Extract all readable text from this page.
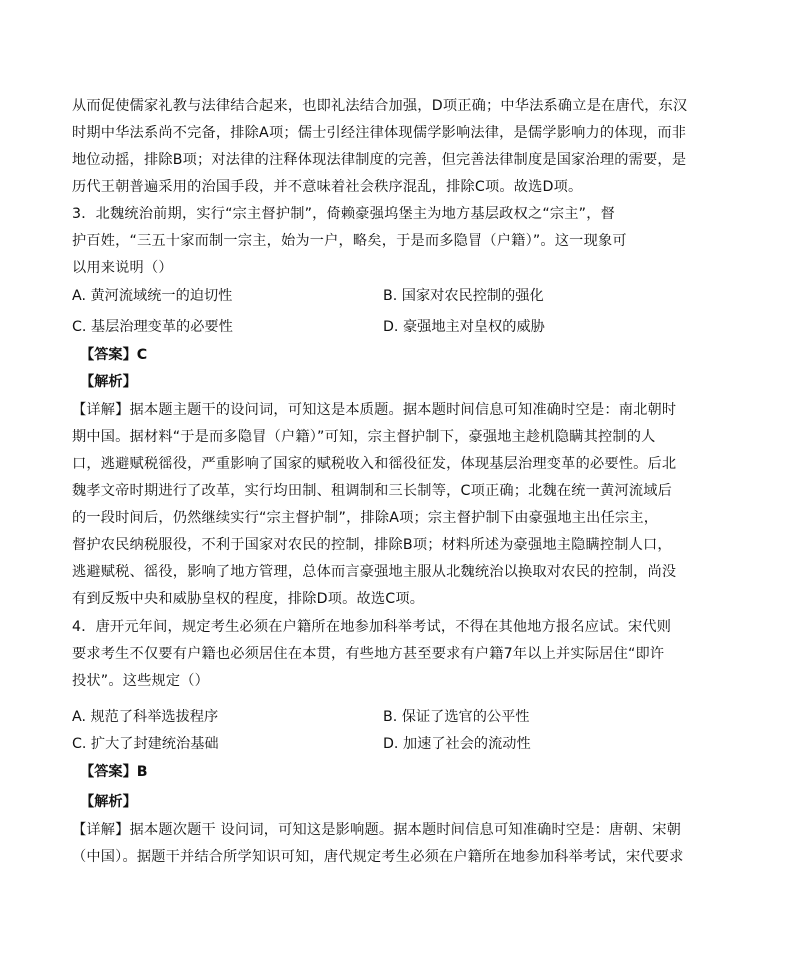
从而促使儒家礼教与法律结合起来，也即礼法结合加强，D项正确；中华法系确立是在唐代，东汉
时期中华法系尚不完备，排除A项；儒士引经注律体现儒学影响法律，是儒学影响力的体现，而非
地位动摇，排除B项；对法律的注释体现法律制度的完善，但完善法律制度是国家治理的需要，是
历代王朝普遍采用的治国手段，并不意味着社会秩序混乱，排除C项。故选D项。
3．北魏统治前期，实行“宗主督护制”，倚赖豪强坞堡主为地方基层政权之“宗主”，督
护百姓，“三五十家而制一宗主，始为一户，略矣，于是而多隐冒（户籍）”。这一现象可
以用来说明（）
A. 黄河流域统一的迫切性	B. 国家对农民控制的强化
C. 基层治理变革的必要性	D. 豪强地主对皇权的威胁
【答案】C
【解析】
【详解】据本题主题干的设问词，可知这是本质题。据本题时间信息可知准确时空是：南北朝时
期中国。据材料“于是而多隐冒（户籍）”可知，宗主督护制下，豪强地主趁机隐瞒其控制的人
口，逃避赋税徭役，严重影响了国家的赋税收入和徭役征发，体现基层治理变革的必要性。后北
魏孝文帝时期进行了改革，实行均田制、租调制和三长制等，C项正确；北魏在统一黄河流域后
的一段时间后，仍然继续实行“宗主督护制”，排除A项；宗主督护制下由豪强地主出任宗主，
督护农民纳税服役，不利于国家对农民的控制，排除B项；材料所述为豪强地主隐瞒控制人口，
逃避赋税、徭役，影响了地方管理，总体而言豪强地主服从北魏统治以换取对农民的控制，尚没
有到反叛中央和威胁皇权的程度，排除D项。故选C项。
4．唐开元年间，规定考生必须在户籍所在地参加科举考试，不得在其他地方报名应试。宋代则
要求考生不仅要有户籍也必须居住在本贯，有些地方甚至要求有户籍7年以上并实际居住“即许
投状”。这些规定（）
A. 规范了科举选拔程序	B. 保证了选官的公平性
C. 扩大了封建统治基础	D. 加速了社会的流动性
【答案】B
【解析】
【详解】据本题次题干 设问词，可知这是影响题。据本题时间信息可知准确时空是：唐朝、宋朝
（中国）。据题干并结合所学知识可知，唐代规定考生必须在户籍所在地参加科举考试，宋代要求
